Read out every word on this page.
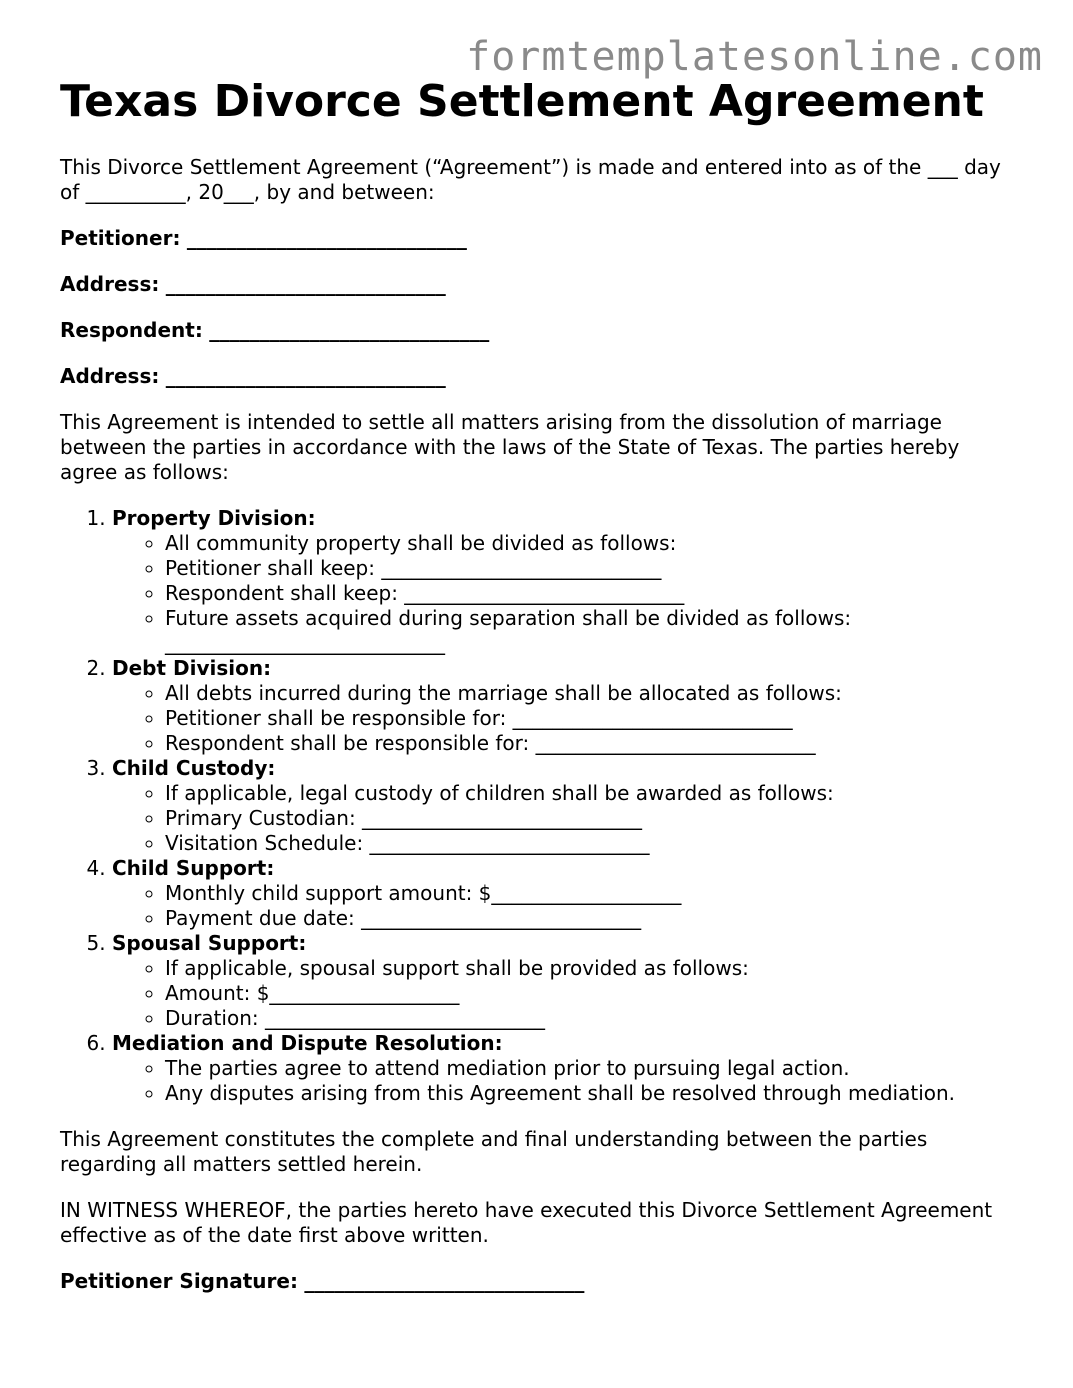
formtemplatesonline.com
Texas Divorce Settlement Agreement

This Divorce Settlement Agreement (“Agreement”) is made and entered into as of the ___ day of __________, 20___, by and between:

Petitioner: ____________________________
Address: ____________________________
Respondent: ____________________________
Address: ____________________________

This Agreement is intended to settle all matters arising from the dissolution of marriage between the parties in accordance with the laws of the State of Texas. The parties hereby agree as follows:

1. Property Division:
◦ All community property shall be divided as follows:
◦ Petitioner shall keep: ____________________________
◦ Respondent shall keep: ____________________________
◦ Future assets acquired during separation shall be divided as follows:
____________________________
2. Debt Division:
◦ All debts incurred during the marriage shall be allocated as follows:
◦ Petitioner shall be responsible for: ____________________________
◦ Respondent shall be responsible for: ____________________________
3. Child Custody:
◦ If applicable, legal custody of children shall be awarded as follows:
◦ Primary Custodian: ____________________________
◦ Visitation Schedule: ____________________________
4. Child Support:
◦ Monthly child support amount: $___________________
◦ Payment due date: ____________________________
5. Spousal Support:
◦ If applicable, spousal support shall be provided as follows:
◦ Amount: $___________________
◦ Duration: ____________________________
6. Mediation and Dispute Resolution:
◦ The parties agree to attend mediation prior to pursuing legal action.
◦ Any disputes arising from this Agreement shall be resolved through mediation.

This Agreement constitutes the complete and final understanding between the parties regarding all matters settled herein.

IN WITNESS WHEREOF, the parties hereto have executed this Divorce Settlement Agreement effective as of the date first above written.

Petitioner Signature: ____________________________
